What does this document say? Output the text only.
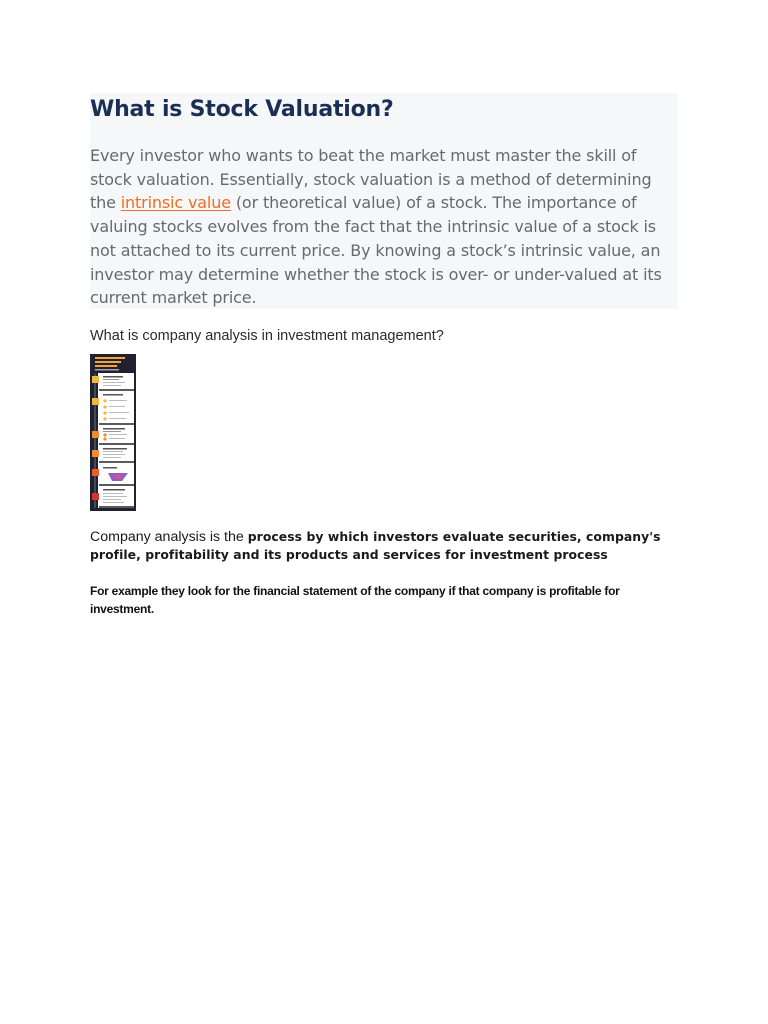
What is Stock Valuation?

Every investor who wants to beat the market must master the skill of stock valuation. Essentially, stock valuation is a method of determining the intrinsic value (or theoretical value) of a stock. The importance of valuing stocks evolves from the fact that the intrinsic value of a stock is not attached to its current price. By knowing a stock’s intrinsic value, an investor may determine whether the stock is over- or under-valued at its current market price.

What is company analysis in investment management?

Company analysis is the process by which investors evaluate securities, company's profile, profitability and its products and services for investment process

For example they look for the financial statement of the company if that company is profitable for investment.
